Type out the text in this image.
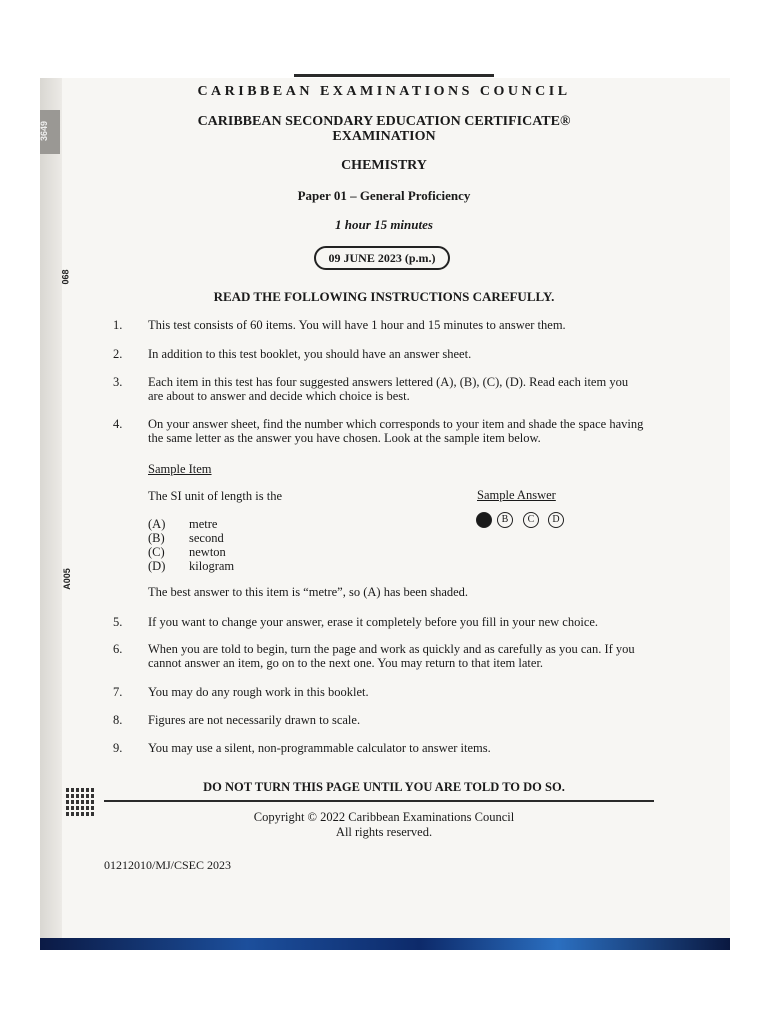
3649
068
A005
CARIBBEAN EXAMINATIONS COUNCIL
CARIBBEAN SECONDARY EDUCATION CERTIFICATE®
EXAMINATION
CHEMISTRY
Paper 01 – General Proficiency
1 hour 15 minutes
09 JUNE 2023 (p.m.)
READ THE FOLLOWING INSTRUCTIONS CAREFULLY.
1.	This test consists of 60 items. You will have 1 hour and 15 minutes to answer them.
2.	In addition to this test booklet, you should have an answer sheet.
3.	Each item in this test has four suggested answers lettered (A), (B), (C), (D). Read each item you
are about to answer and decide which choice is best.
4.	On your answer sheet, find the number which corresponds to your item and shade the space having
the same letter as the answer you have chosen. Look at the sample item below.
Sample Item
The SI unit of length is the	Sample Answer
(A) metre
(B) second
(C) newton
(D) kilogram
B	C	D
The best answer to this item is “metre”, so (A) has been shaded.
5.	If you want to change your answer, erase it completely before you fill in your new choice.
6.	When you are told to begin, turn the page and work as quickly and as carefully as you can. If you
cannot answer an item, go on to the next one. You may return to that item later.
7.	You may do any rough work in this booklet.
8.	Figures are not necessarily drawn to scale.
9.	You may use a silent, non-programmable calculator to answer items.
DO NOT TURN THIS PAGE UNTIL YOU ARE TOLD TO DO SO.
Copyright © 2022 Caribbean Examinations Council
All rights reserved.
01212010/MJ/CSEC 2023
